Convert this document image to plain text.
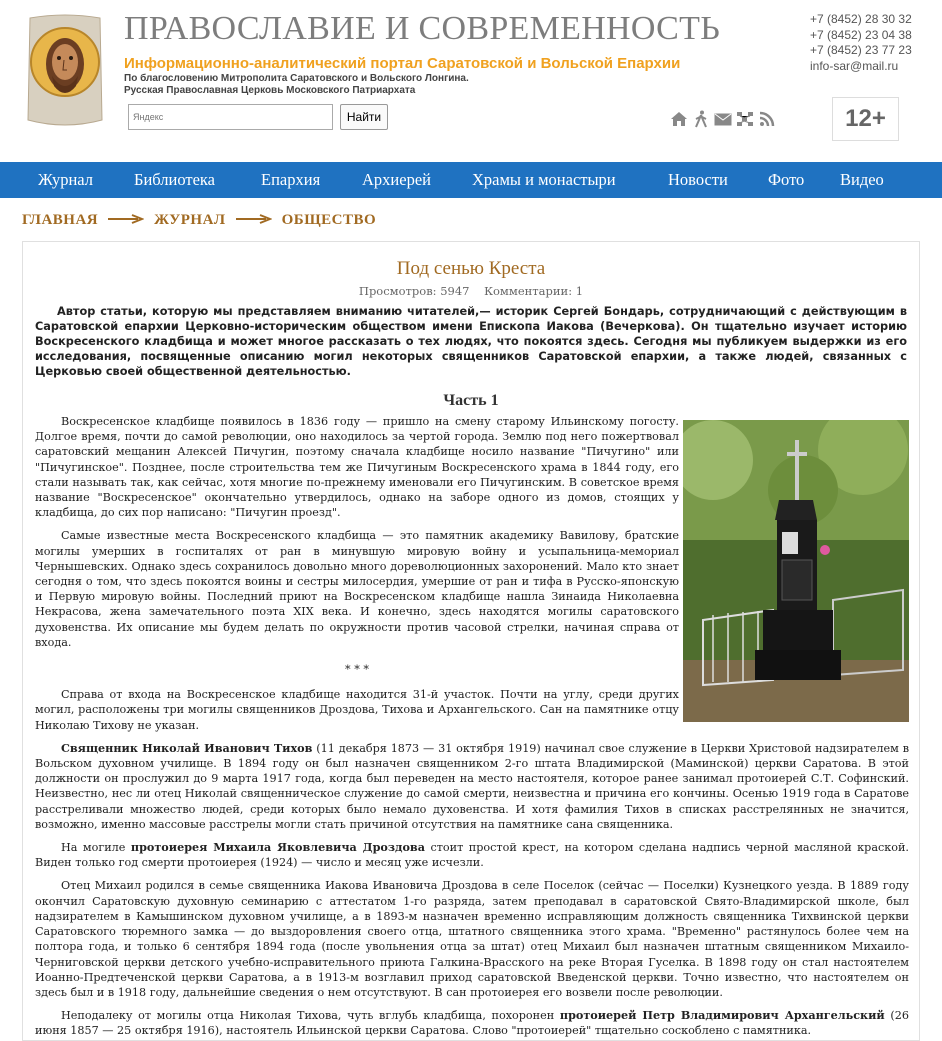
ПРАВОСЛАВИЕ И СОВРЕМЕННОСТЬ
Информационно-аналитический портал Саратовской и Вольской Епархии
По благословению Митрополита Саратовского и Вольского Лонгина.
Русская Православная Церковь Московского Патриархата
Яндекс
Найти
+7 (8452) 28 30 32
+7 (8452) 23 04 38
+7 (8452) 23 77 23
info-sar@mail.ru
12+
Журнал Библиотека	Епархия	Архиерей Храмы и монастыри	Новости Фото Видео
ГЛАВНАЯ	ЖУРНАЛ	ОБЩЕСТВО
Под сенью Креста
Просмотров: 5947 Комментарии: 1

Автор статьи, которую мы представляем вниманию читателей,— историк Сергей Бондарь, сотрудничающий с действующим в Саратовской епархии Церковно-историческим обществом имени Епископа Иакова (Вечеркова). Он тщательно изучает историю Воскресенского кладбища и может многое рассказать о тех людях, что покоятся здесь. Сегодня мы публикуем выдержки из его исследования, посвященные описанию могил некоторых священников Саратовской епархии, а также людей, связанных с Церковью своей общественной деятельностью.

Часть 1

Воскресенское кладбище появилось в 1836 году — пришло на смену старому Ильинскому погосту. Долгое время, почти до самой революции, оно находилось за чертой города. Землю под него пожертвовал саратовский мещанин Алексей Пичугин, поэтому сначала кладбище носило название "Пичугино" или "Пичугинское". Позднее, после строительства тем же Пичугиным Воскресенского храма в 1844 году, его стали называть так, как сейчас, хотя многие по-прежнему именовали его Пичугинским. В советское время название "Воскресенское" окончательно утвердилось, однако на заборе одного из домов, стоящих у кладбища, до сих пор написано: "Пичугин проезд".

Самые известные места Воскресенского кладбища — это памятник академику Вавилову, братские могилы умерших в госпиталях от ран в минувшую мировую войну и усыпальница-мемориал Чернышевских. Однако здесь сохранилось довольно много дореволюционных захоронений. Мало кто знает сегодня о том, что здесь покоятся воины и сестры милосердия, умершие от ран и тифа в Русско-японскую и Первую мировую войны. Последний приют на Воскресенском кладбище нашла Зинаида Николаевна Некрасова, жена замечательного поэта XIX века. И конечно, здесь находятся могилы саратовского духовенства. Их описание мы будем делать по окружности против часовой стрелки, начиная справа от входа.

* * *

Справа от входа на Воскресенское кладбище находится 31-й участок. Почти на углу, среди других могил, расположены три могилы священников Дроздова, Тихова и Архангельского. Сан на памятнике отцу Николаю Тихову не указан.

Священник Николай Иванович Тихов (11 декабря 1873 — 31 октября 1919) начинал свое служение в Церкви Христовой надзирателем в Вольском духовном училище. В 1894 году он был назначен священником 2-го штата Владимирской (Маминской) церкви Саратова. В этой должности он прослужил до 9 марта 1917 года, когда был переведен на место настоятеля, которое ранее занимал протоиерей С.Т. Софинский. Неизвестно, нес ли отец Николай священническое служение до самой смерти, неизвестна и причина его кончины. Осенью 1919 года в Саратове расстреливали множество людей, среди которых было немало духовенства. И хотя фамилия Тихов в списках расстрелянных не значится, возможно, именно массовые расстрелы могли стать причиной отсутствия на памятнике сана священника.

На могиле протоиерея Михаила Яковлевича Дроздова стоит простой крест, на котором сделана надпись черной масляной краской. Виден только год смерти протоиерея (1924) — число и месяц уже исчезли.

Отец Михаил родился в семье священника Иакова Ивановича Дроздова в селе Поселок (сейчас — Поселки) Кузнецкого уезда. В 1889 году окончил Саратовскую духовную семинарию с аттестатом 1-го разряда, затем преподавал в саратовской Свято-Владимирской школе, был надзирателем в Камышинском духовном училище, а в 1893-м назначен временно исправляющим должность священника Тихвинской церкви Саратовского тюремного замка — до выздоровления своего отца, штатного священника этого храма. "Временно" растянулось более чем на полтора года, и только 6 сентября 1894 года (после увольнения отца за штат) отец Михаил был назначен штатным священником Михаило-Черниговской церкви детского учебно-исправительного приюта Галкина-Врасского на реке Вторая Гуселка. В 1898 году он стал настоятелем Иоанно-Предтеченской церкви Саратова, а в 1913-м возглавил приход саратовской Введенской церкви. Точно известно, что настоятелем он здесь был и в 1918 году, дальнейшие сведения о нем отсутствуют. В сан протоиерея его возвели после революции.

Неподалеку от могилы отца Николая Тихова, чуть вглубь кладбища, похоронен протоиерей Петр Владимирович Архангельский (26 июня 1857 — 25 октября 1916), настоятель Ильинской церкви Саратова. Слово "протоиерей" тщательно соскоблено с памятника.
